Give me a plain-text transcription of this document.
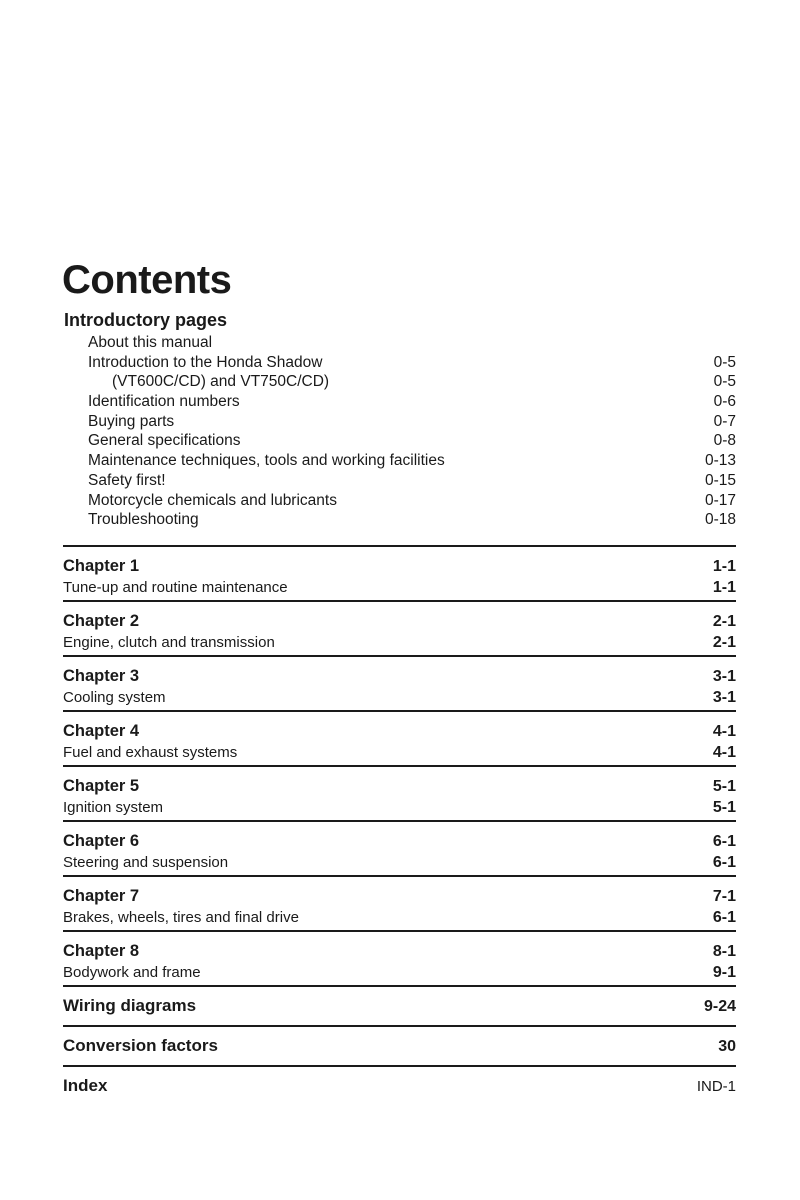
Contents
Introductory pages
About this manual
Introduction to the Honda Shadow	0-5
(VT600C/CD) and VT750C/CD)	0-5
Identification numbers	0-6
Buying parts	0-7
General specifications	0-8
Maintenance techniques, tools and working facilities	0-13
Safety first!	0-15
Motorcycle chemicals and lubricants	0-17
Troubleshooting	0-18
Chapter 1	1-1
Tune-up and routine maintenance	1-1
Chapter 2	2-1
Engine, clutch and transmission	2-1
Chapter 3	3-1
Cooling system	3-1
Chapter 4	4-1
Fuel and exhaust systems	4-1
Chapter 5	5-1
Ignition system	5-1
Chapter 6	6-1
Steering and suspension	6-1
Chapter 7	7-1
Brakes, wheels, tires and final drive	6-1
Chapter 8	8-1
Bodywork and frame	9-1
Wiring diagrams	9-24
Conversion factors	30
Index	IND-1
